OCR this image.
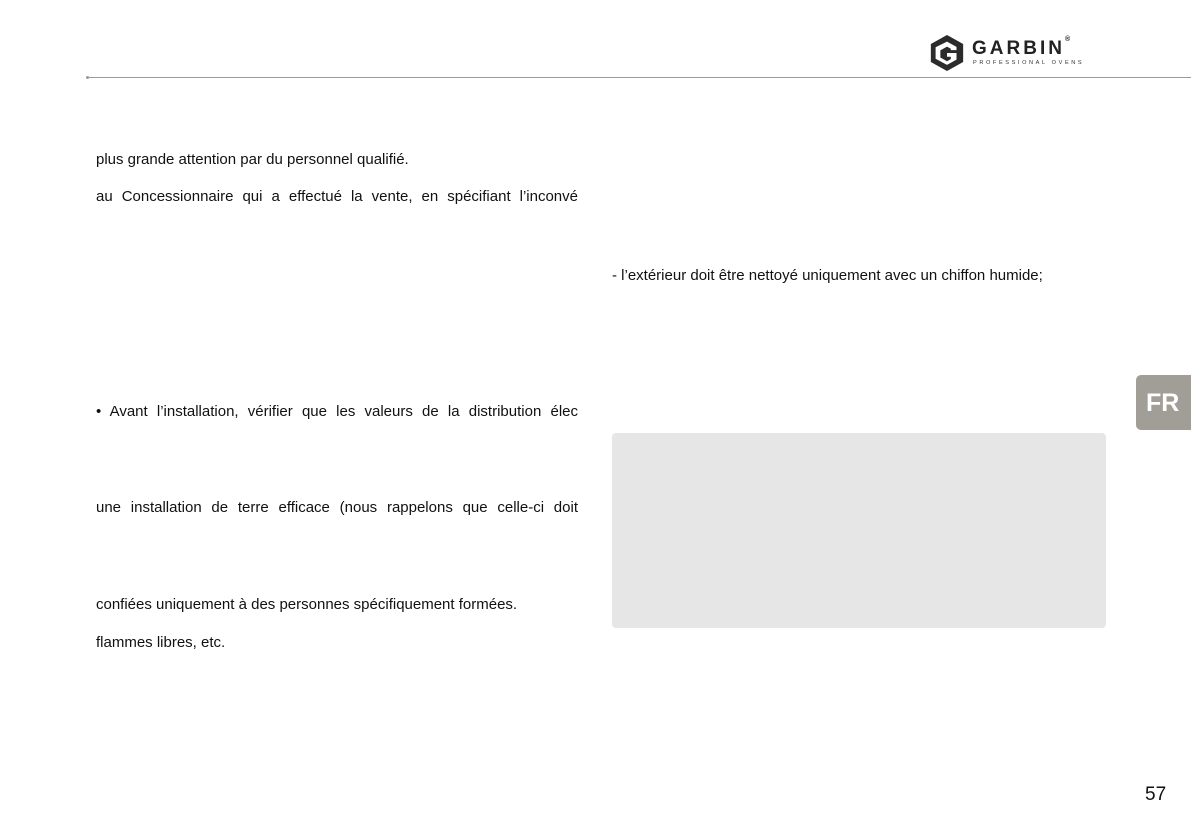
GARBIN®
PROFESSIONAL OVENS
plus grande attention par du personnel qualifié.
au Concessionnaire qui a effectué la vente, en spécifiant l’inconvé
• Avant l’installation, vérifier que les valeurs de la distribution élec
une installation de terre efficace (nous rappelons que celle-ci doit
confiées uniquement à des personnes spécifiquement formées.
flammes libres, etc.
- l’extérieur doit être nettoyé uniquement avec un chiffon humide;
FR
57
